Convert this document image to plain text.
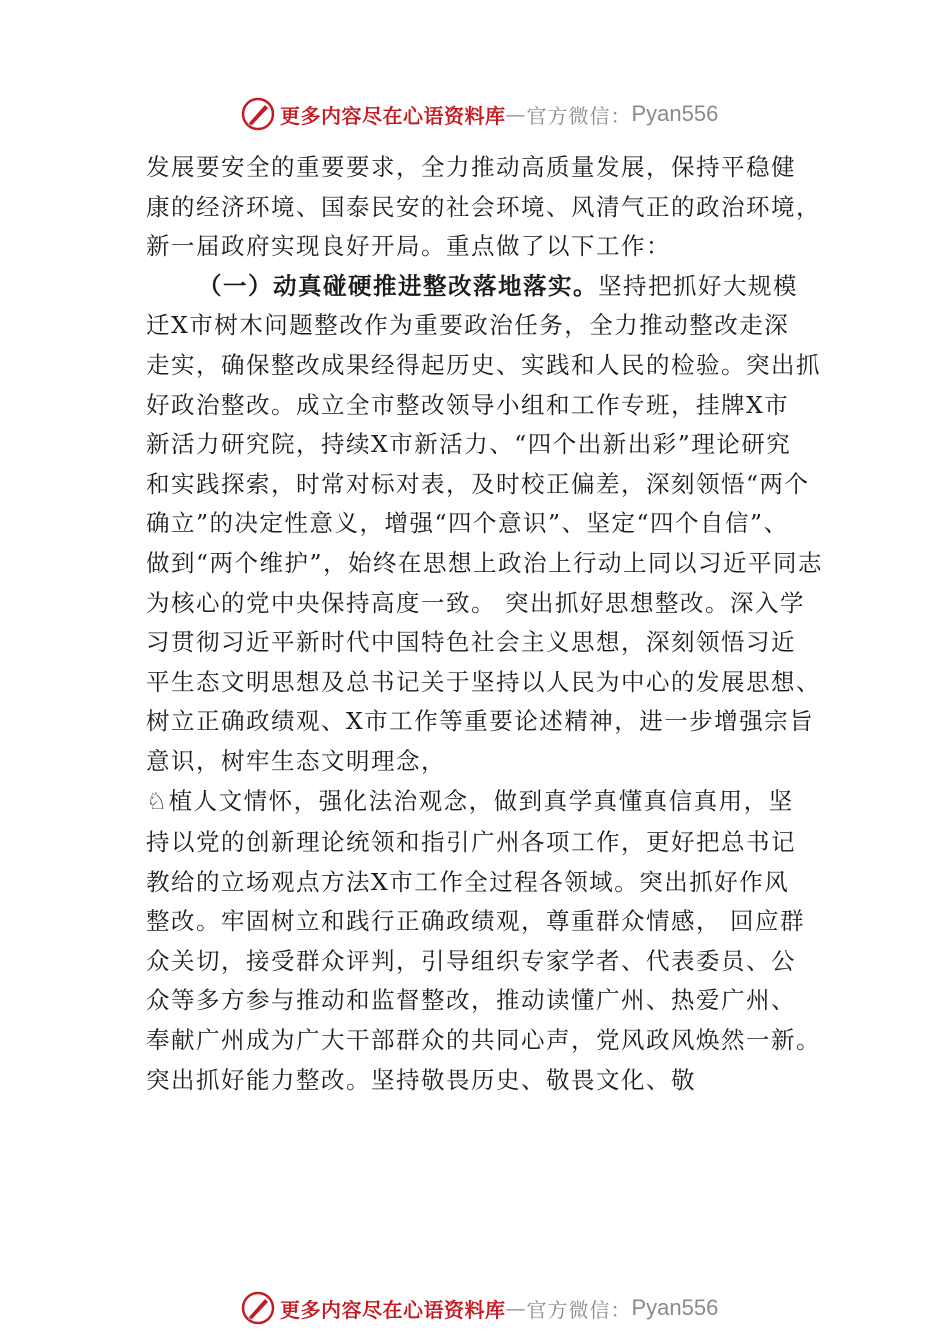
更多内容尽在心语资料库 — 官方微信： Pyan556
发展要安全的重要要求，全力推动高质量发展，保持平稳健
康的经济环境、国泰民安的社会环境、风清气正的政治环境，
新一届政府实现良好开局。重点做了以下工作：
（一）动真碰硬推进整改落地落实。坚持把抓好大规模
迁X市树木问题整改作为重要政治任务，全力推动整改走深
走实，确保整改成果经得起历史、实践和人民的检验。突出抓
好政治整改。成立全市整改领导小组和工作专班，挂牌X市
新活力研究院，持续X市新活力、“四个出新出彩”理论研究
和实践探索，时常对标对表，及时校正偏差，深刻领悟“两个
确立”的决定性意义，增强“四个意识”、坚定“四个自信”、
做到“两个维护”，始终在思想上政治上行动上同以习近平同志
为核心的党中央保持高度一致。 突出抓好思想整改。深入学
习贯彻习近平新时代中国特色社会主义思想，深刻领悟习近
平生态文明思想及总书记关于坚持以人民为中心的发展思想、
树立正确政绩观、X市工作等重要论述精神，进一步增强宗旨
意识，树牢生态文明理念，
♘植人文情怀，强化法治观念，做到真学真懂真信真用，坚
持以党的创新理论统领和指引广州各项工作，更好把总书记
教给的立场观点方法X市工作全过程各领域。突出抓好作风
整改。牢固树立和践行正确政绩观，尊重群众情感， 回应群
众关切，接受群众评判，引导组织专家学者、代表委员、公
众等多方参与推动和监督整改，推动读懂广州、热爱广州、
奉献广州成为广大干部群众的共同心声，党风政风焕然一新。
突出抓好能力整改。坚持敬畏历史、敬畏文化、敬
更多内容尽在心语资料库 — 官方微信： Pyan556
